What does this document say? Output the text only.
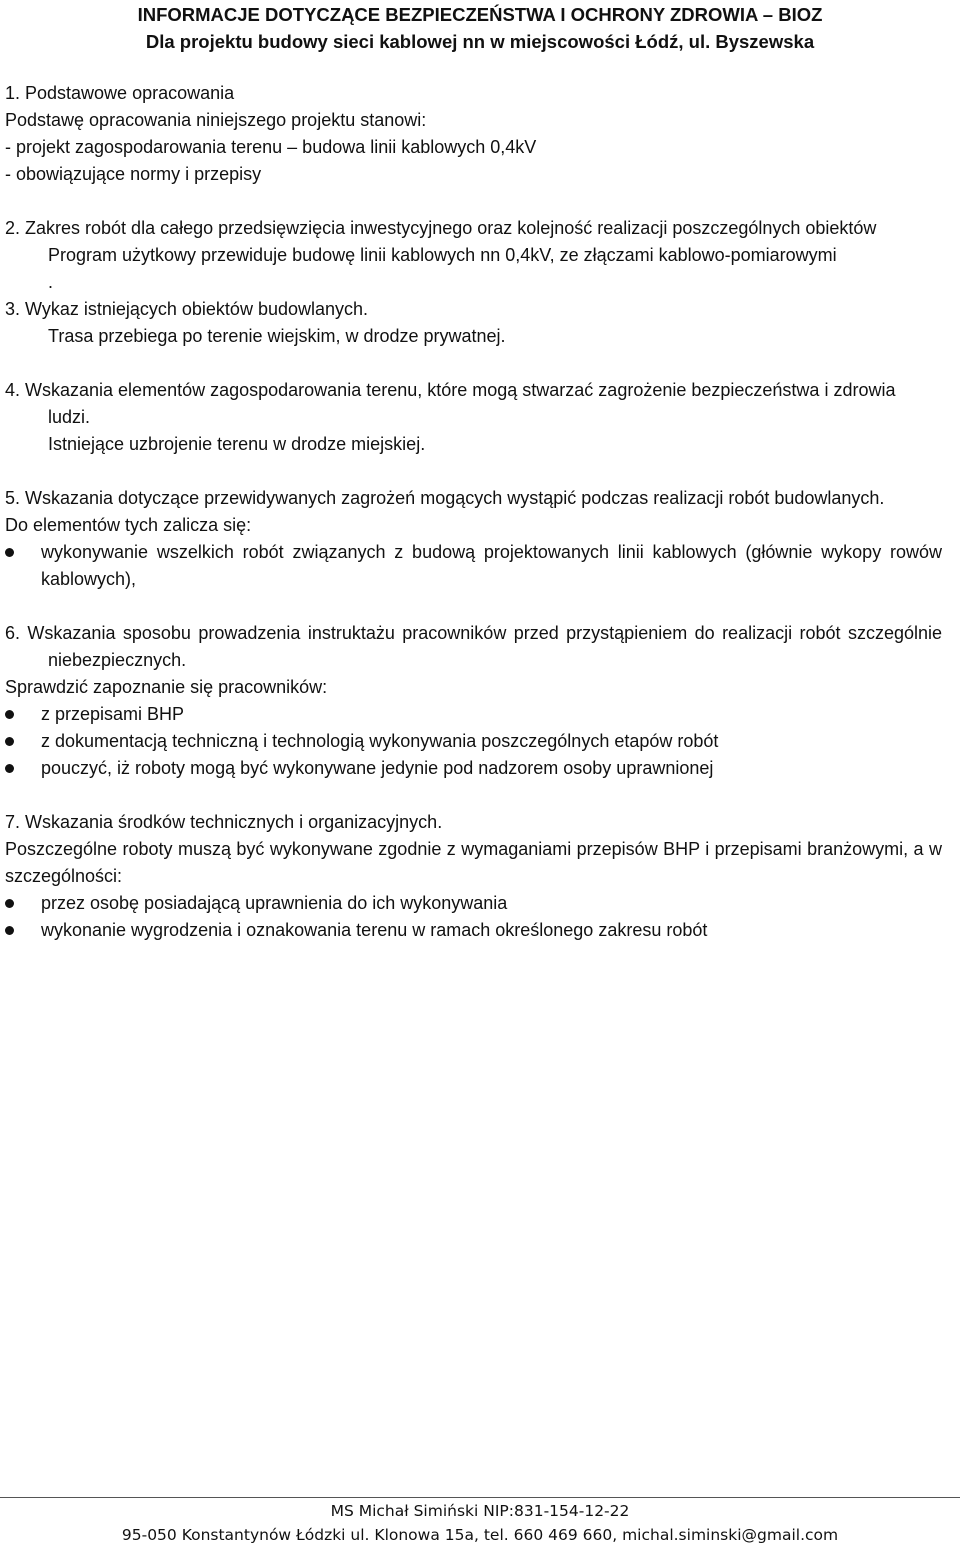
INFORMACJE DOTYCZĄCE BEZPIECZEŃSTWA I OCHRONY ZDROWIA – BIOZ
Dla projektu budowy sieci kablowej nn w miejscowości Łódź, ul. Byszewska

1. Podstawowe opracowania

Podstawę opracowania niniejszego projektu stanowi:

- projekt zagospodarowania terenu – budowa linii kablowych 0,4kV

- obowiązujące normy i przepisy

2. Zakres robót dla całego przedsięwzięcia inwestycyjnego oraz kolejność realizacji poszczególnych obiektów

Program użytkowy przewiduje budowę linii kablowych nn 0,4kV, ze złączami kablowo-pomiarowymi

.

3. Wykaz istniejących obiektów budowlanych.

Trasa przebiega po terenie wiejskim, w drodze prywatnej.

4. Wskazania elementów zagospodarowania terenu, które mogą stwarzać zagrożenie bezpieczeństwa i zdrowia ludzi.

Istniejące uzbrojenie terenu w drodze miejskiej.

5. Wskazania dotyczące przewidywanych zagrożeń mogących wystąpić podczas realizacji robót budowlanych.

Do elementów tych zalicza się:

wykonywanie wszelkich robót związanych z budową projektowanych linii kablowych (głównie wykopy rowów kablowych),

6. Wskazania sposobu prowadzenia instruktażu pracowników przed przystąpieniem do realizacji robót szczególnie niebezpiecznych.

Sprawdzić zapoznanie się pracowników:

z przepisami BHP
z dokumentacją techniczną i technologią wykonywania poszczególnych etapów robót
pouczyć, iż roboty mogą być wykonywane jedynie pod nadzorem osoby uprawnionej

7. Wskazania środków technicznych i organizacyjnych.

Poszczególne roboty muszą być wykonywane zgodnie z wymaganiami przepisów BHP i przepisami branżowymi, a w szczególności:

przez osobę posiadającą uprawnienia do ich wykonywania
wykonanie wygrodzenia i oznakowania terenu w ramach określonego zakresu robót
MS Michał Simiński NIP:831-154-12-22
95-050 Konstantynów Łódzki ul. Klonowa 15a, tel. 660 469 660, michal.siminski@gmail.com
